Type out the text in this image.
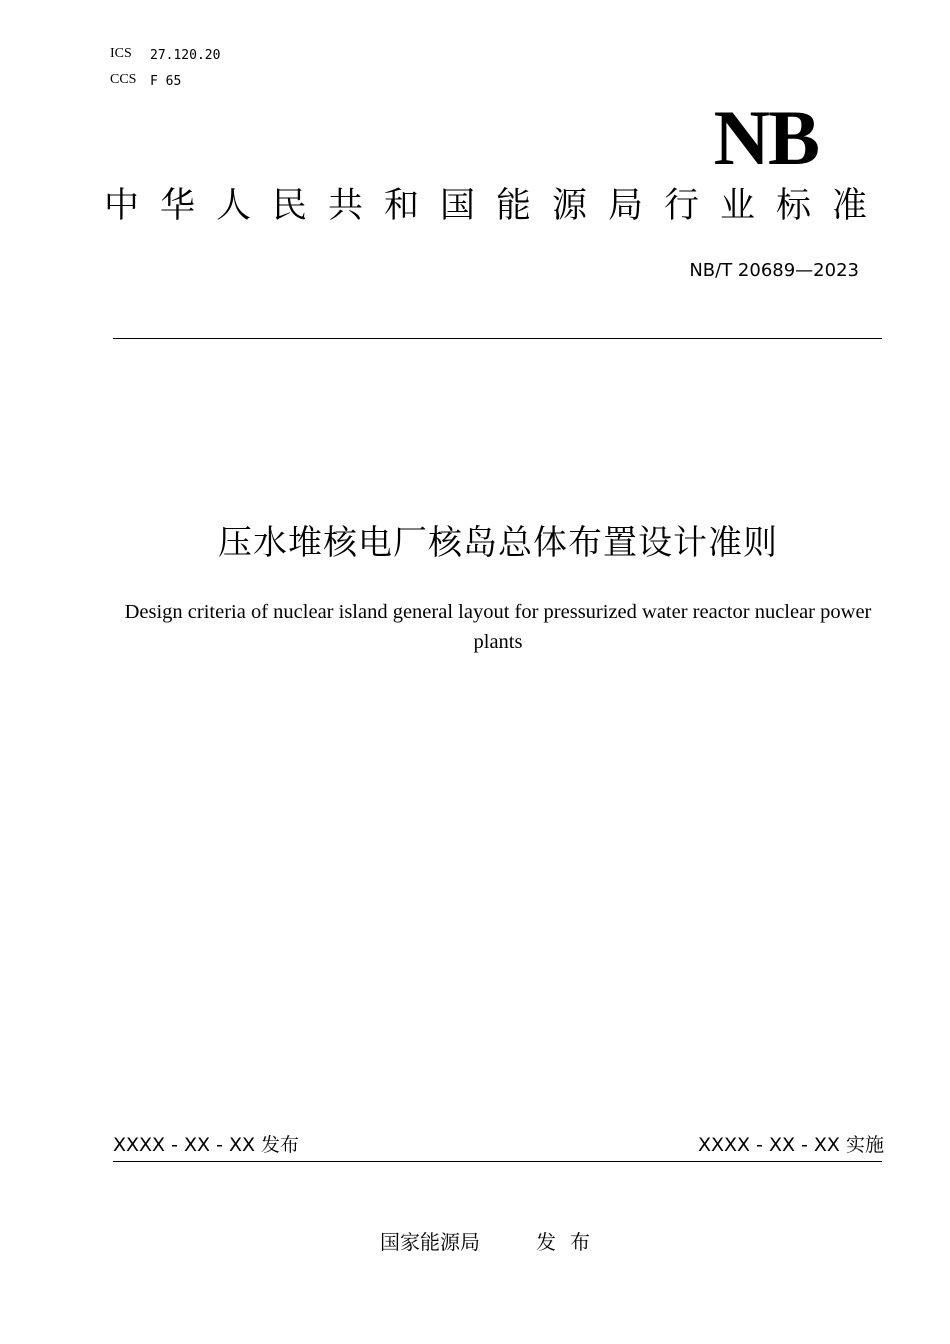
ICS 27.120.20
CCS F 65
NB
中华人民共和国能源局行业标准
NB/T 20689—2023
压水堆核电厂核岛总体布置设计准则
Design criteria of nuclear island general layout for pressurized water reactor nuclear power plants
XXXX - XX - XX 发布	XXXX - XX - XX 实施
国家能源局	发布
